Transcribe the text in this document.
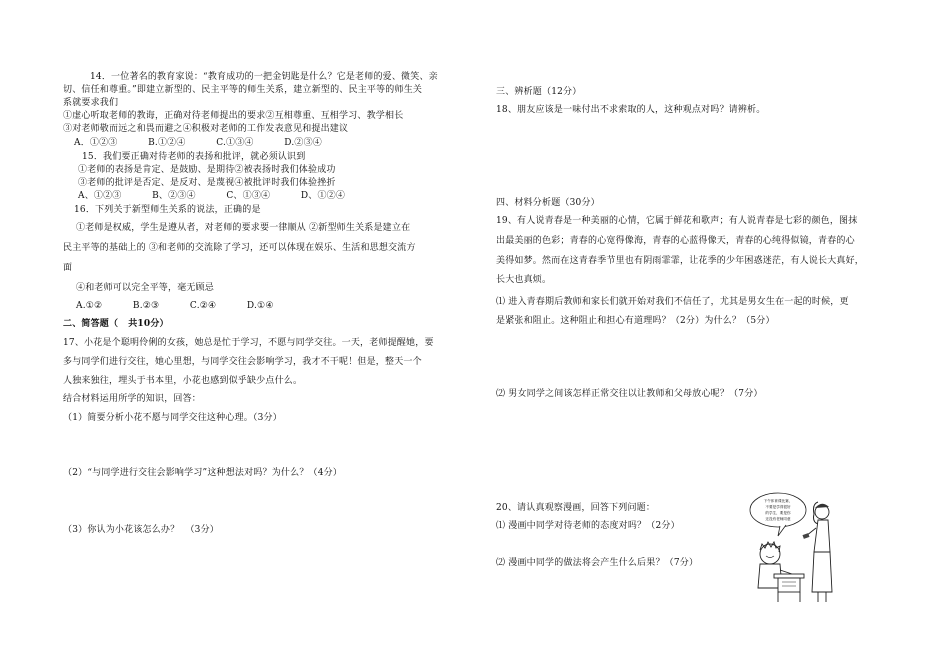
14．一位著名的教育家说：“教育成功的一把金钥匙是什么？它是老师的爱、微笑、亲
切、信任和尊重。”即建立新型的、民主平等的师生关系，建立新型的、民主平等的师生关
系就要求我们
①虚心听取老师的教诲，正确对待老师提出的要求②互相尊重、互相学习、教学相长
③对老师敬而远之和畏而避之④积极对老师的工作发表意见和提出建议
A．①②③          B.①②④          C.①③④          D.②③④
15．我们要正确对待老师的表扬和批评，就必须认识到
①老师的表扬是肯定、是鼓励、是期待②被表扬时我们体验成功
③老师的批评是否定、是反对、是蔑视④被批评时我们体验挫折
A、①②③          B、②③④          C、①③④          D、①②④
16．下列关于新型师生关系的说法，正确的是
①老师是权威，学生是遵从者，对老师的要求要一律顺从 ②新型师生关系是建立在
民主平等的基础上的 ③和老师的交流除了学习，还可以体现在娱乐、生活和思想交流方
面
④和老师可以完全平等，毫无顾忌
A.①②          B.②③          C.②④          D.①④
二、简答题（   共10分）
17、小花是个聪明伶俐的女孩，她总是忙于学习，不愿与同学交往。一天，老师提醒她，要
多与同学们进行交往，她心里想，与同学交往会影响学习，我才不干呢！但是，整天一个
人独来独往，埋头于书本里，小花也感到似乎缺少点什么。
结合材料运用所学的知识，回答：
（1）简要分析小花不愿与同学交往这种心理。（3分）
（2）“与同学进行交往会影响学习”这种想法对吗？为什么？（4分）
（3）你认为小花该怎么办？  （3分）
三、辨析题（12分）
18、朋友应该是一味付出不求索取的人，这种观点对吗？请辨析。
四、材料分析题（30分）
19、有人说青春是一种美丽的心情，它属于鲜花和歌声；有人说青春是七彩的颜色，图抹
出最美丽的色彩；青春的心宽得像海，青春的心蓝得像天，青春的心纯得似镜，青春的心
美得如梦。然而在这青春季节里也有阴雨霏霏，让花季的少年困惑迷茫，有人说长大真好，
长大也真烦。
⑴ 进入青春期后教师和家长们就开始对我们不信任了，尤其是男女生在一起的时候，更
是紧张和阻止。这种阻止和担心有道理吗？（2分）为什么？（5分）
⑵ 男女同学之间该怎样正常交往以让教师和父母放心呢？（7分）
20、请认真观察漫画，回答下列问题：
⑴ 漫画中同学对待老师的态度对吗？（2分）
⑵ 漫画中同学的做法将会产生什么后果？（7分）
下午体育课比赛，
不要是学得很好
的学生，要是你
还没有老师同意
